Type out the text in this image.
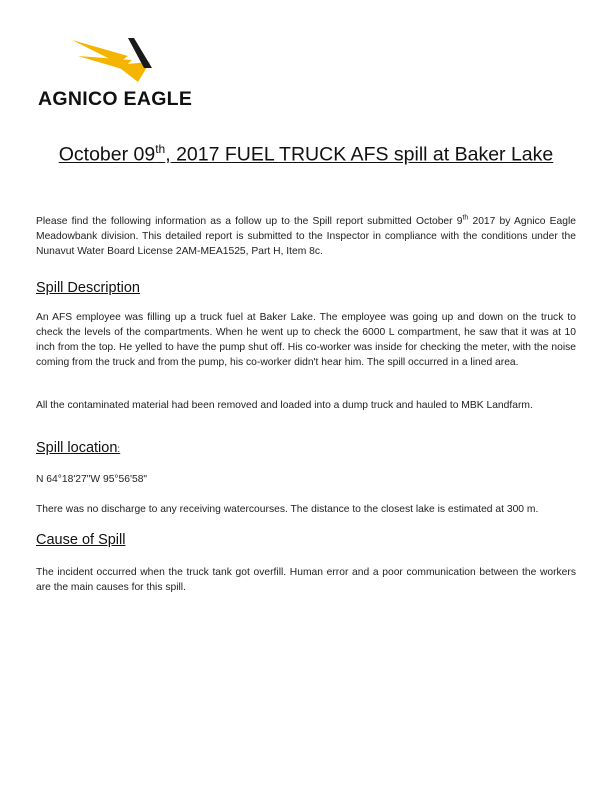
AGNICO EAGLE
October 09th, 2017 FUEL TRUCK AFS spill at Baker Lake
Please find the following information as a follow up to the Spill report submitted October 9th 2017 by Agnico Eagle Meadowbank division. This detailed report is submitted to the Inspector in compliance with the conditions under the Nunavut Water Board License 2AM-MEA1525, Part H, Item 8c.
Spill Description
An AFS employee was filling up a truck fuel at Baker Lake. The employee was going up and down on the truck to check the levels of the compartments. When he went up to check the 6000 L compartment, he saw that it was at 10 inch from the top. He yelled to have the pump shut off. His co-worker was inside for checking the meter, with the noise coming from the truck and from the pump, his co-worker didn't hear him. The spill occurred in a lined area.
All the contaminated material had been removed and loaded into a dump truck and hauled to MBK Landfarm.
Spill location:
N 64°18'27"W 95°56'58"
There was no discharge to any receiving watercourses. The distance to the closest lake is estimated at 300 m.
Cause of Spill
The incident occurred when the truck tank got overfill. Human error and a poor communication between the workers are the main causes for this spill.
